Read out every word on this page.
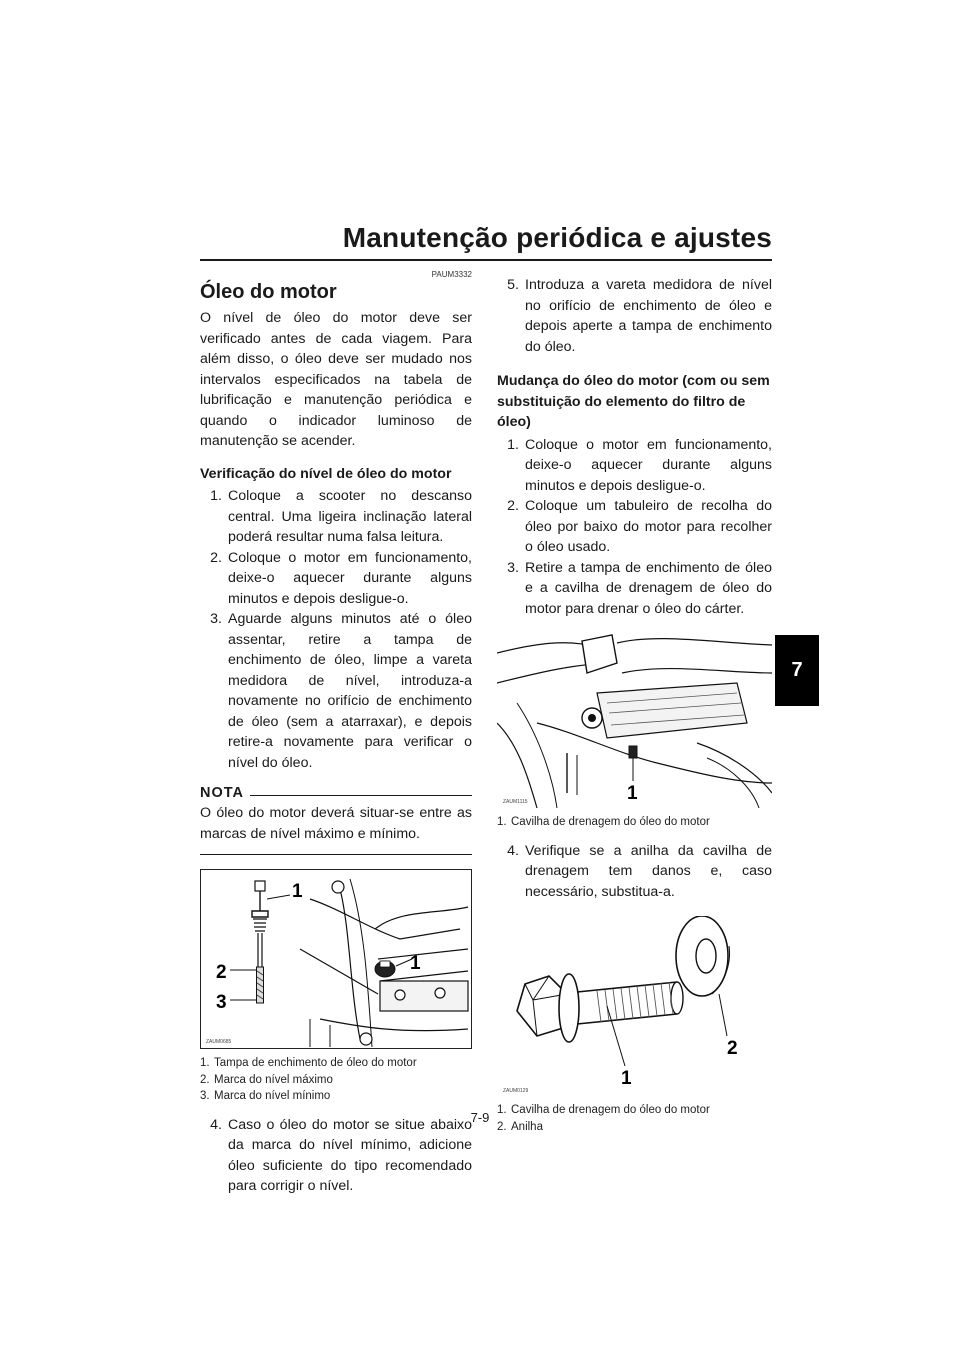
Manutenção periódica e ajustes
7
PAUM3332
Óleo do motor

O nível de óleo do motor deve ser verificado antes de cada viagem. Para além disso, o óleo deve ser mudado nos intervalos especificados na tabela de lubrificação e manutenção periódica e quando o indicador luminoso de manutenção se acender.

Verificação do nível de óleo do motor
1. Coloque a scooter no descanso central. Uma ligeira inclinação lateral poderá resultar numa falsa leitura.
2. Coloque o motor em funcionamento, deixe-o aquecer durante alguns minutos e depois desligue-o.
3. Aguarde alguns minutos até o óleo assentar, retire a tampa de enchimento de óleo, limpe a vareta medidora de nível, introduza-a novamente no orifício de enchimento de óleo (sem a atarraxar), e depois retire-a novamente para verificar o nível do óleo.
NOTA

O óleo do motor deverá situar-se entre as marcas de nível máximo e mínimo.

1
2
3
1
ZAUM0685
1. Tampa de enchimento de óleo do motor
2. Marca do nível máximo
3. Marca do nível mínimo
4. Caso o óleo do motor se situe abaixo da marca do nível mínimo, adicione óleo suficiente do tipo recomendado para corrigir o nível.
5. Introduza a vareta medidora de nível no orifício de enchimento de óleo e depois aperte a tampa de enchimento do óleo.
Mudança do óleo do motor (com ou sem substituição do elemento do filtro de óleo)
1. Coloque o motor em funcionamento, deixe-o aquecer durante alguns minutos e depois desligue-o.
2. Coloque um tabuleiro de recolha do óleo por baixo do motor para recolher o óleo usado.
3. Retire a tampa de enchimento de óleo e a cavilha de drenagem de óleo do motor para drenar o óleo do cárter.
1
ZAUM1115
1. Cavilha de drenagem do óleo do motor
4. Verifique se a anilha da cavilha de drenagem tem danos e, caso necessário, substitua-a.
1
2
ZAUM0129
1. Cavilha de drenagem do óleo do motor
2. Anilha
7-9
